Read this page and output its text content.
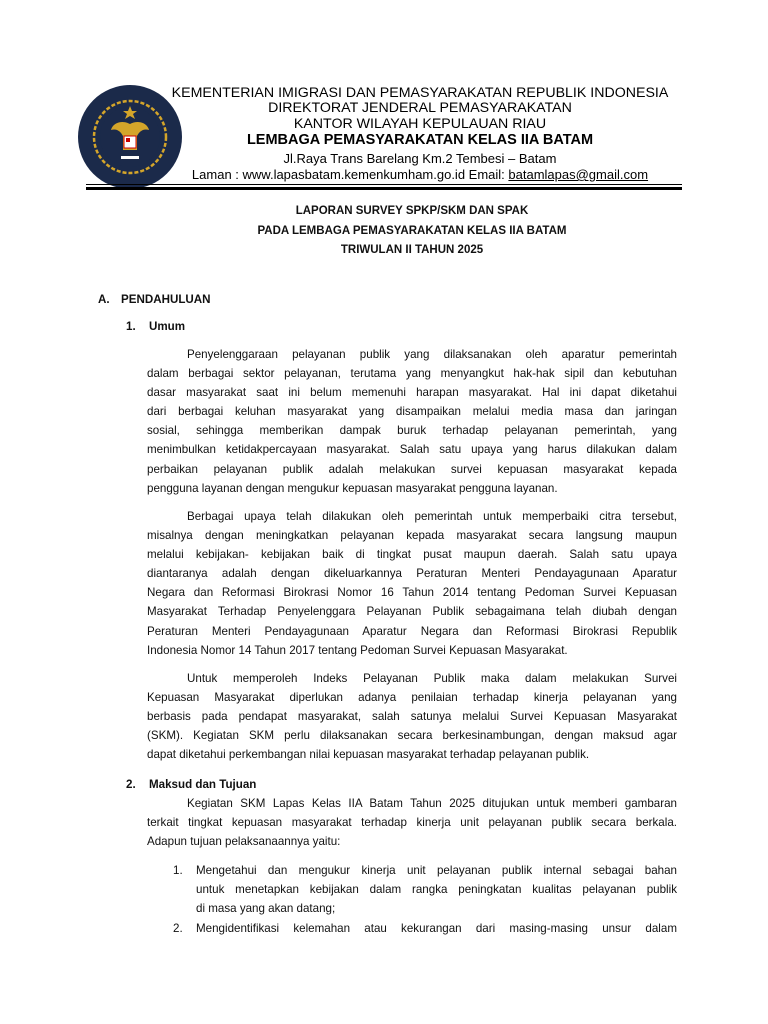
KEMENTERIAN IMIGRASI DAN PEMASYARAKATAN REPUBLIK INDONESIA
DIREKTORAT JENDERAL PEMASYARAKATAN
KANTOR WILAYAH KEPULAUAN RIAU
LEMBAGA PEMASYARAKATAN KELAS IIA BATAM
Jl.Raya Trans Barelang Km.2 Tembesi – Batam
Laman : www.lapasbatam.kemenkumham.go.id Email: batamlapas@gmail.com
LAPORAN SURVEY SPKP/SKM DAN SPAK
PADA LEMBAGA PEMASYARAKATAN KELAS IIA BATAM
TRIWULAN II TAHUN 2025
A. PENDAHULUAN
1. Umum
Penyelenggaraan pelayanan publik yang dilaksanakan oleh aparatur pemerintah
dalam berbagai sektor pelayanan, terutama yang menyangkut hak-hak sipil dan kebutuhan
dasar masyarakat saat ini belum memenuhi harapan masyarakat. Hal ini dapat diketahui
dari berbagai keluhan masyarakat yang disampaikan melalui media masa dan jaringan
sosial, sehingga memberikan dampak buruk terhadap pelayanan pemerintah, yang
menimbulkan ketidakpercayaan masyarakat. Salah satu upaya yang harus dilakukan dalam
perbaikan pelayanan publik adalah melakukan survei kepuasan masyarakat kepada
pengguna layanan dengan mengukur kepuasan masyarakat pengguna layanan.
Berbagai upaya telah dilakukan oleh pemerintah untuk memperbaiki citra tersebut,
misalnya dengan meningkatkan pelayanan kepada masyarakat secara langsung maupun
melalui kebijakan- kebijakan baik di tingkat pusat maupun daerah. Salah satu upaya
diantaranya adalah dengan dikeluarkannya Peraturan Menteri Pendayagunaan Aparatur
Negara dan Reformasi Birokrasi Nomor 16 Tahun 2014 tentang Pedoman Survei Kepuasan
Masyarakat Terhadap Penyelenggara Pelayanan Publik sebagaimana telah diubah dengan
Peraturan Menteri Pendayagunaan Aparatur Negara dan Reformasi Birokrasi Republik
Indonesia Nomor 14 Tahun 2017 tentang Pedoman Survei Kepuasan Masyarakat.
Untuk memperoleh Indeks Pelayanan Publik maka dalam melakukan Survei
Kepuasan Masyarakat diperlukan adanya penilaian terhadap kinerja pelayanan yang
berbasis pada pendapat masyarakat, salah satunya melalui Survei Kepuasan Masyarakat
(SKM). Kegiatan SKM perlu dilaksanakan secara berkesinambungan, dengan maksud agar
dapat diketahui perkembangan nilai kepuasan masyarakat terhadap pelayanan publik.
2. Maksud dan Tujuan
Kegiatan SKM Lapas Kelas IIA Batam Tahun 2025 ditujukan untuk memberi gambaran
terkait tingkat kepuasan masyarakat terhadap kinerja unit pelayanan publik secara berkala.
Adapun tujuan pelaksanaannya yaitu:
Mengetahui dan mengukur kinerja unit pelayanan publik internal sebagai bahan
untuk menetapkan kebijakan dalam rangka peningkatan kualitas pelayanan publik
di masa yang akan datang;
1.
Mengidentifikasi kelemahan atau kekurangan dari masing-masing unsur dalam
2.
